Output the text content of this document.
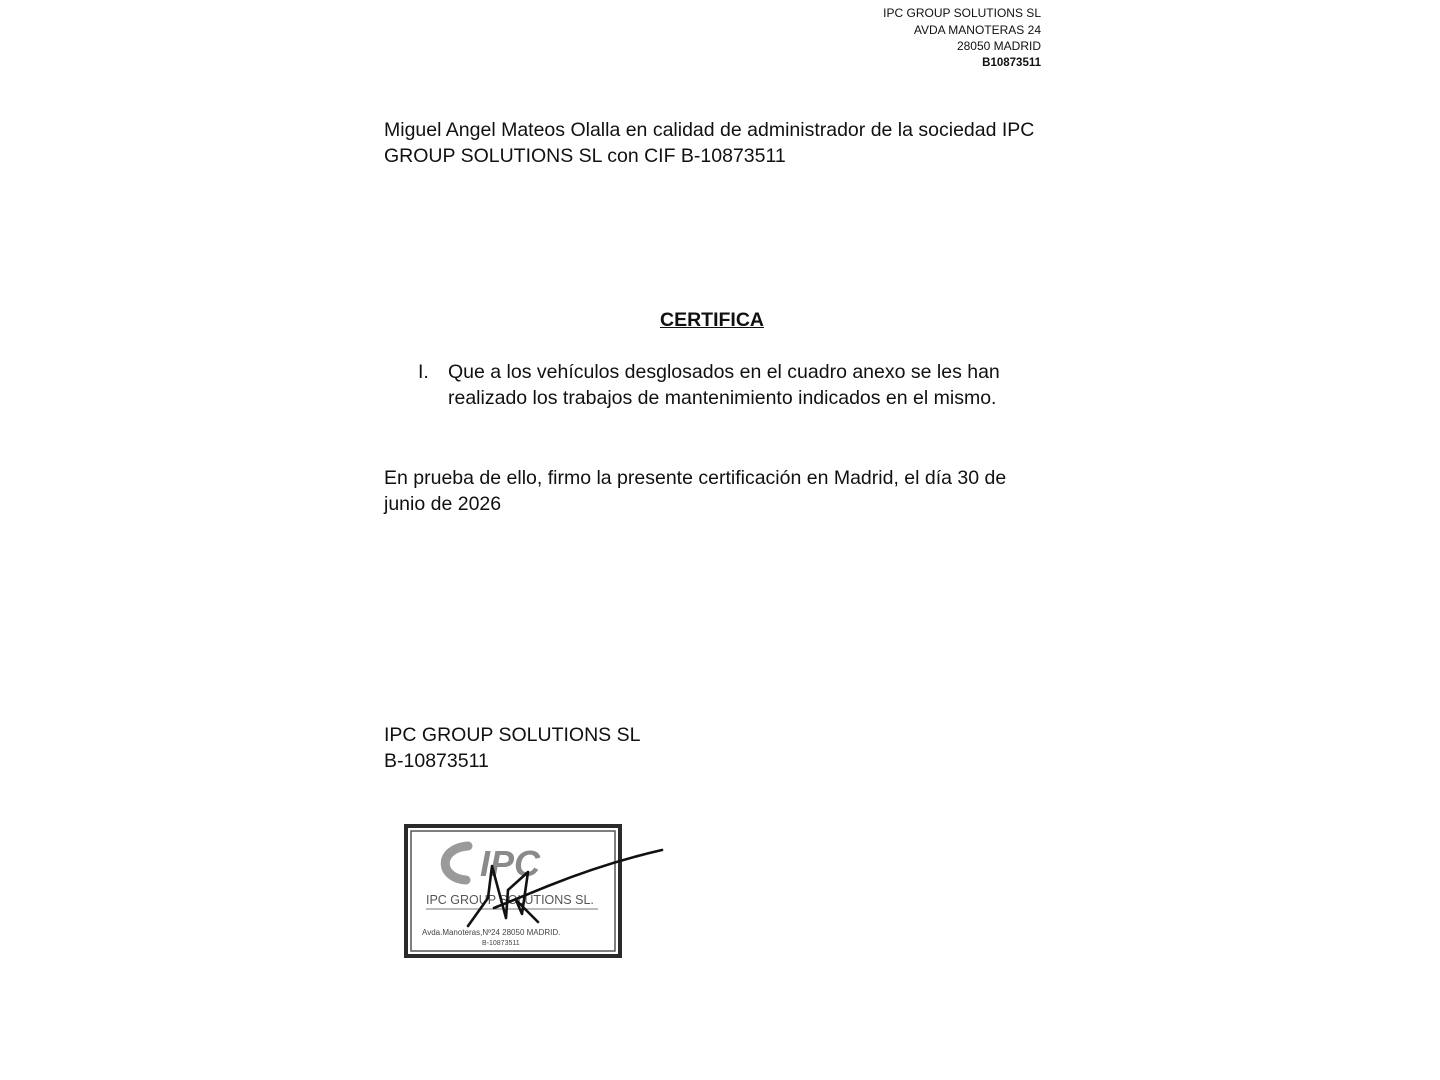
IPC GROUP SOLUTIONS SL
AVDA MANOTERAS 24
28050 MADRID
B10873511
Miguel Angel Mateos Olalla en calidad de administrador de la sociedad IPC GROUP SOLUTIONS SL con CIF B-10873511
CERTIFICA
I. Que a los vehículos desglosados en el cuadro anexo se les han realizado los trabajos de mantenimiento indicados en el mismo.
En prueba de ello, firmo la presente certificación en Madrid, el día 30 de junio de 2026
IPC GROUP SOLUTIONS SL
B-10873511
IPC
IPC GROUP SOLUTIONS SL.
Avda.Manoteras,Nº24 28050 MADRID.
B-10873511
